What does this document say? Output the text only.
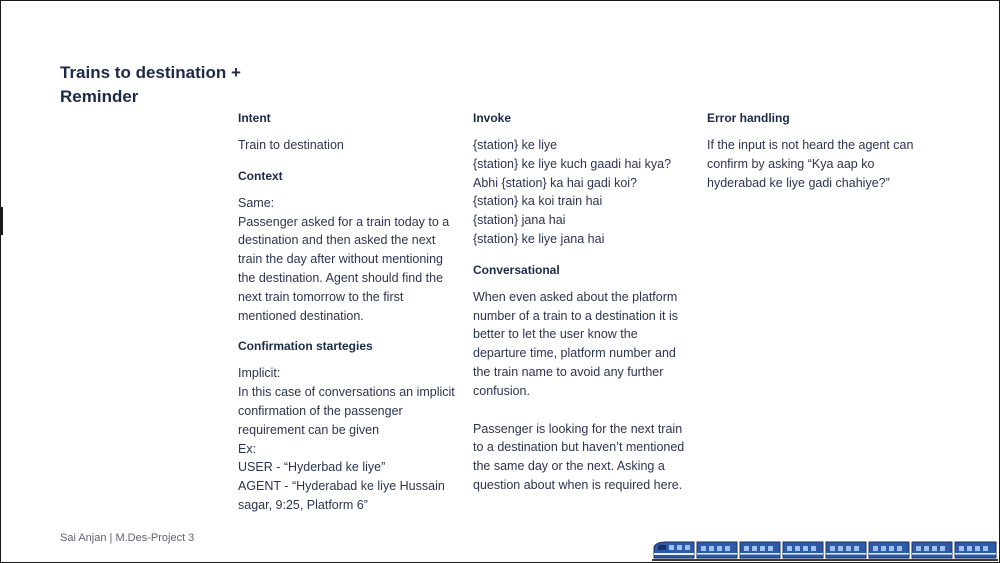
Trains to destination + Reminder
Intent
Train to destination
Context
Same:
Passenger asked for a train today to a destination and then asked the next train the day after without mentioning the destination. Agent should find the next train tomorrow to the first mentioned destination.
Confirmation startegies
Implicit:
In this case of conversations an implicit confirmation of the passenger requirement can be given
Ex:
USER - “Hyderbad ke liye”
AGENT - “Hyderabad ke liye Hussain sagar, 9:25, Platform 6”
Invoke
{station} ke liye
{station} ke liye kuch gaadi hai kya?
Abhi {station} ka hai gadi koi?
{station} ka koi train hai
{station} jana hai
{station} ke liye jana hai
Conversational
When even asked about the platform number of a train to a destination it is better to let the user know the departure time, platform number and the train name to avoid any further confusion.
Passenger is looking for the next train to a destination but haven’t mentioned the same day or the next. Asking a question about when is required here.
Error handling
If the input is not heard the agent can confirm by asking “Kya aap ko hyderabad ke liye gadi chahiye?”
Sai Anjan | M.Des-Project 3
